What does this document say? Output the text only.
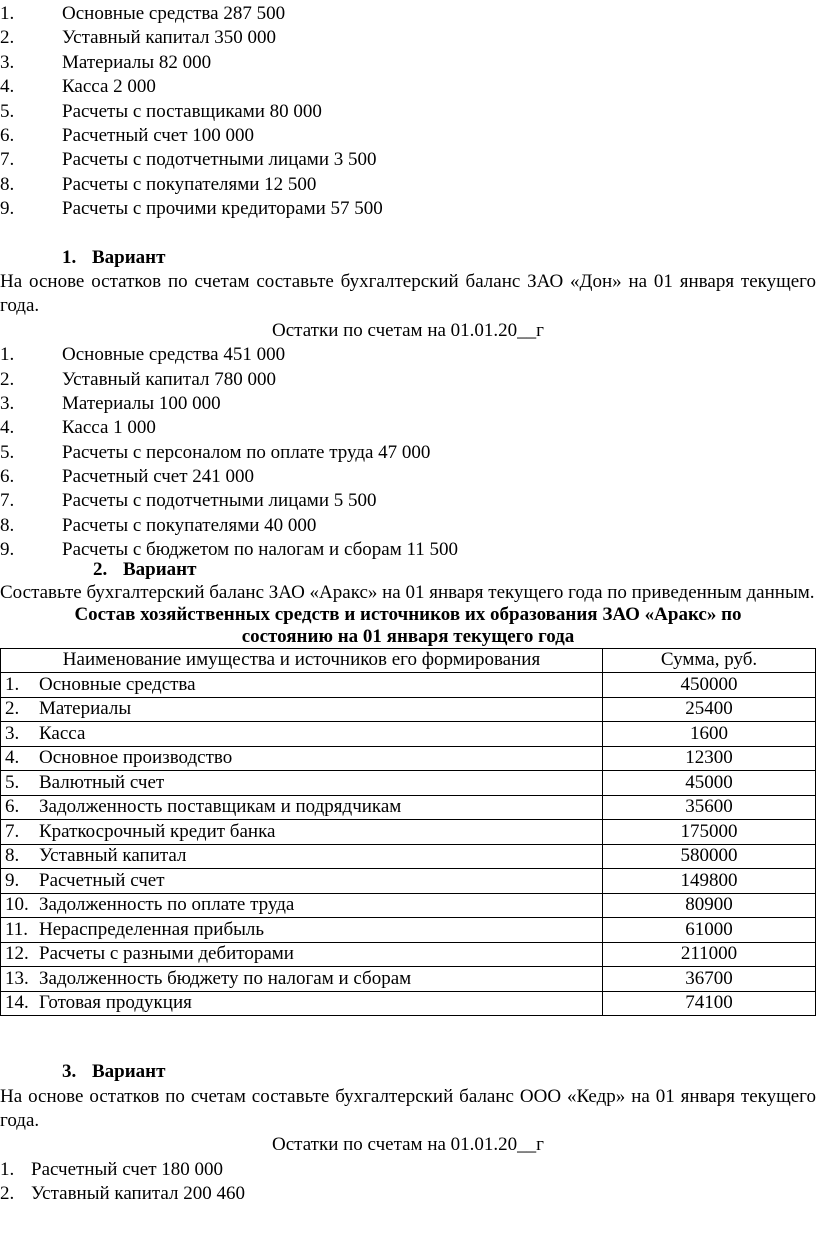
1.	Основные средства 287 500
2.	Уставный капитал 350 000
3.	Материалы 82 000
4.	Касса 2 000
5.	Расчеты с поставщиками 80 000
6.	Расчетный счет 100 000
7.	Расчеты с подотчетными лицами 3 500
8.	Расчеты с покупателями 12 500
9.	Расчеты с прочими кредиторами 57 500
1. Вариант

На основе остатков по счетам составьте бухгалтерский баланс ЗАО «Дон» на 01 января текущего года.

Остатки по счетам на 01.01.20__г
1.	Основные средства 451 000
2.	Уставный капитал 780 000
3.	Материалы 100 000
4.	Касса 1 000
5.	Расчеты с персоналом по оплате труда 47 000
6.	Расчетный счет 241 000
7.	Расчеты с подотчетными лицами 5 500
8.	Расчеты с покупателями 40 000
9.	Расчеты с бюджетом по налогам и сборам 11 500
2. Вариант

Составьте бухгалтерский баланс ЗАО «Аракс» на 01 января текущего года по приведенным данным.

Состав хозяйственных средств и источников их образования ЗАО «Аракс» по
состоянию на 01 января текущего года

Наименование имущества и источников его формирования	Сумма, руб.
1. Основные средства	450000
2. Материалы	25400
3. Касса	1600
4. Основное производство	12300
5. Валютный счет	45000
6. Задолженность поставщикам и подрядчикам	35600
7. Краткосрочный кредит банка	175000
8. Уставный капитал	580000
9. Расчетный счет	149800
10. Задолженность по оплате труда	80900
11. Нераспределенная прибыль	61000
12. Расчеты с разными дебиторами	211000
13. Задолженность бюджету по налогам и сборам	36700
14. Готовая продукция	74100
3. Вариант

На основе остатков по счетам составьте бухгалтерский баланс ООО «Кедр» на 01 января текущего года.

Остатки по счетам на 01.01.20__г
1. Расчетный счет 180 000
2. Уставный капитал 200 460
